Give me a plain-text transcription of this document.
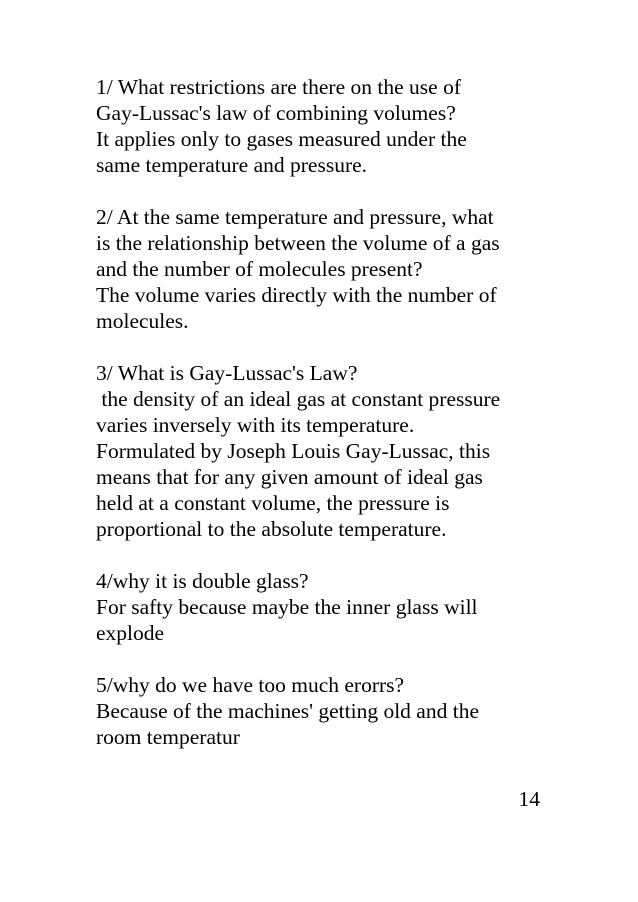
1/ What restrictions are there on the use of
Gay-Lussac's law of combining volumes?
It applies only to gases measured under the
same temperature and pressure.
2/ At the same temperature and pressure, what
is the relationship between the volume of a gas
and the number of molecules present?
The volume varies directly with the number of
molecules.
3/ What is Gay-Lussac's Law?
the density of an ideal gas at constant pressure
varies inversely with its temperature.
Formulated by Joseph Louis Gay-Lussac, this
means that for any given amount of ideal gas
held at a constant volume, the pressure is
proportional to the absolute temperature.
4/why it is double glass?
For safty because maybe the inner glass will
explode
5/why do we have too much erorrs?
Because of the machines' getting old and the
room temperatur
14
